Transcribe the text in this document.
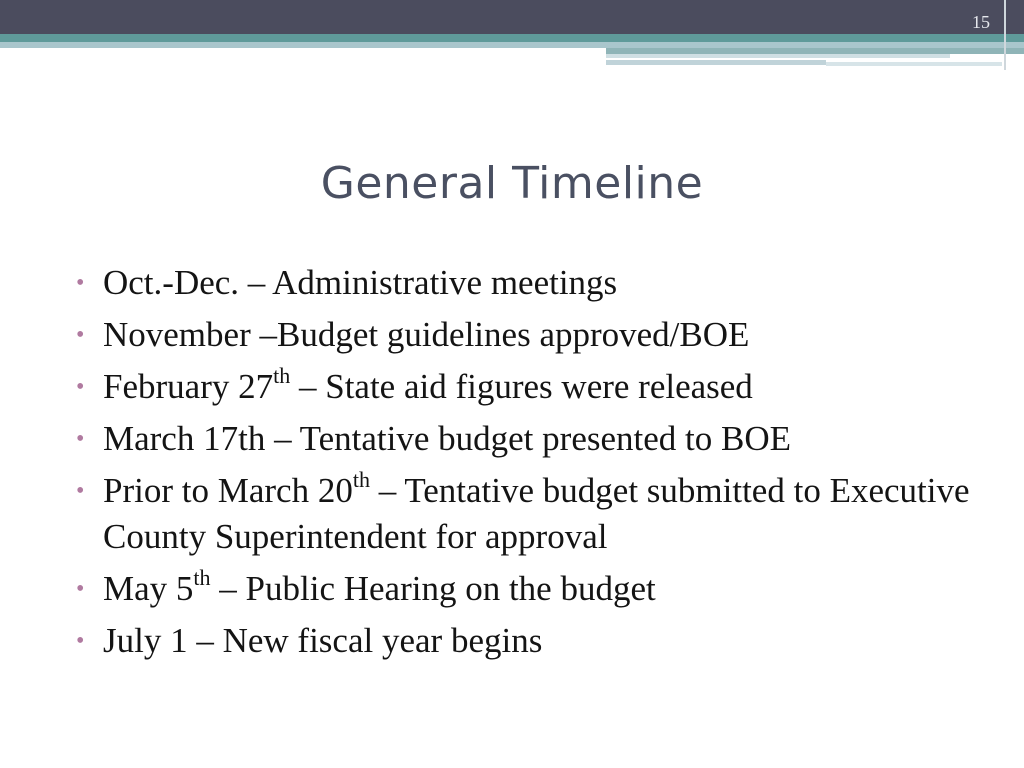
15
General Timeline
• Oct.-Dec. – Administrative meetings
• November –Budget guidelines approved/BOE
• February 27th – State aid figures were released
• March 17th – Tentative budget presented to BOE
• Prior to March 20th – Tentative budget submitted to Executive County Superintendent for approval
• May 5th – Public Hearing on the budget
• July 1 – New fiscal year begins
